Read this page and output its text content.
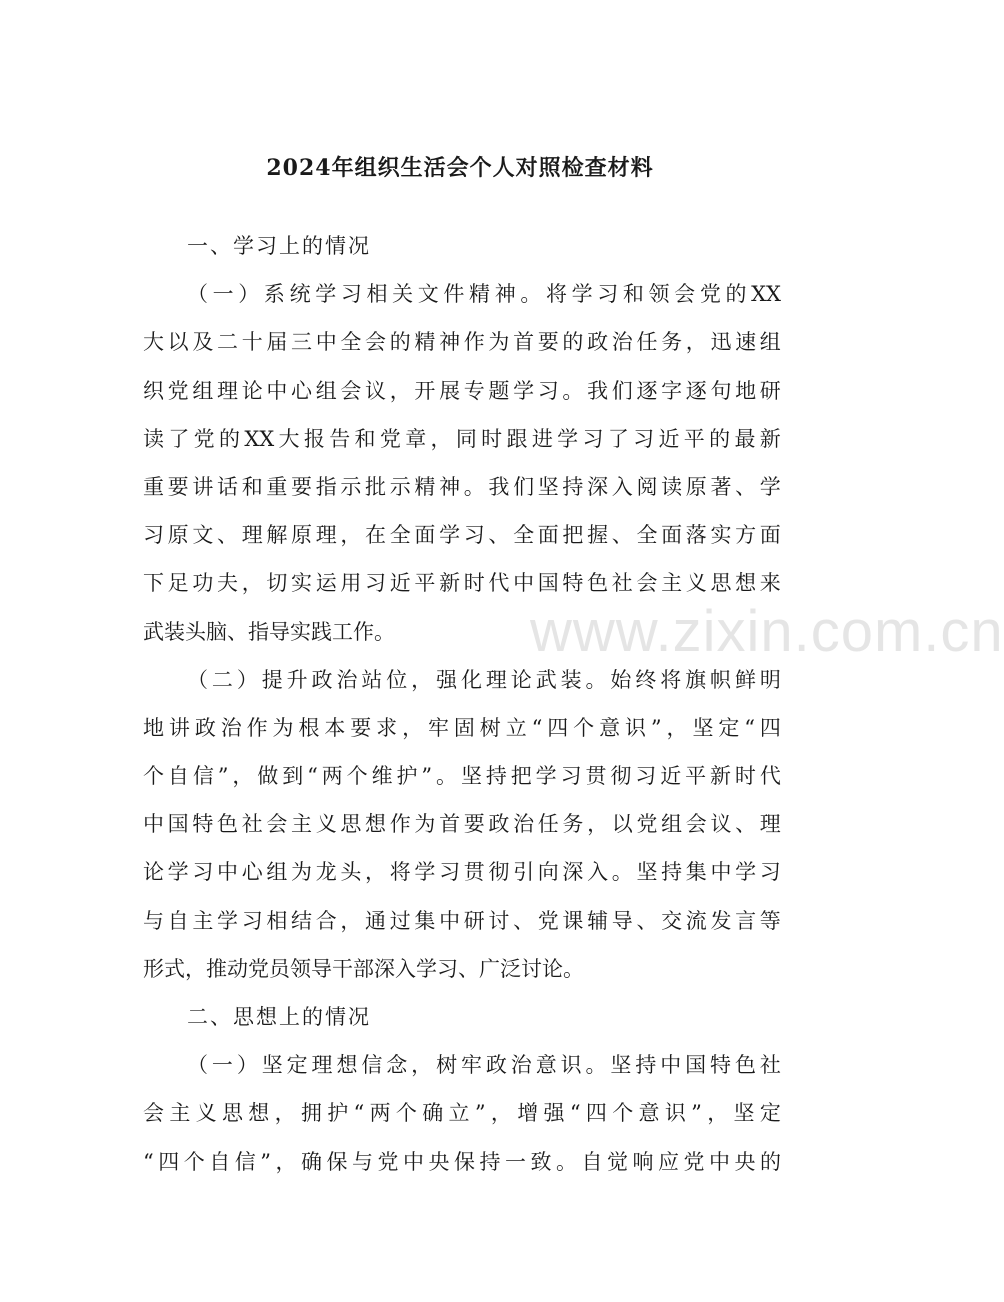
2024年组织生活会个人对照检查材料
一、学习上的情况
（ 一 ） 系 统 学 习 相 关 文 件 精 神 。 将 学 习 和 领 会 党 的 XX
大 以 及 二 十 届 三 中 全 会 的 精 神 作 为 首 要 的 政 治 任 务 ， 迅 速 组
织 党 组 理 论 中 心 组 会 议 ， 开 展 专 题 学 习 。 我 们 逐 字 逐 句 地 研
读 了 党 的 XX 大 报 告 和 党 章 ， 同 时 跟 进 学 习 了 习 近 平 的 最 新
重 要 讲 话 和 重 要 指 示 批 示 精 神 。 我 们 坚 持 深 入 阅 读 原 著 、 学
习 原 文 、 理 解 原 理 ， 在 全 面 学 习 、 全 面 把 握 、 全 面 落 实 方 面
下 足 功 夫 ， 切 实 运 用 习 近 平 新 时 代 中 国 特 色 社 会 主 义 思 想 来
武装头脑、指导实践工作。
（ 二 ） 提 升 政 治 站 位 ， 强 化 理 论 武 装 。 始 终 将 旗 帜 鲜 明
地 讲 政 治 作 为 根 本 要 求 ， 牢 固 树 立 “ 四 个 意 识 ” ， 坚 定 “ 四
个 自 信 ” ， 做 到 “ 两 个 维 护 ” 。 坚 持 把 学 习 贯 彻 习 近 平 新 时 代
中 国 特 色 社 会 主 义 思 想 作 为 首 要 政 治 任 务 ， 以 党 组 会 议 、 理
论 学 习 中 心 组 为 龙 头 ， 将 学 习 贯 彻 引 向 深 入 。 坚 持 集 中 学 习
与 自 主 学 习 相 结 合 ， 通 过 集 中 研 讨 、 党 课 辅 导 、 交 流 发 言 等
形式，推动党员领导干部深入学习、广泛讨论。
二、思想上的情况
（ 一 ） 坚 定 理 想 信 念 ， 树 牢 政 治 意 识 。 坚 持 中 国 特 色 社
会 主 义 思 想 ， 拥 护 “ 两 个 确 立 ” ， 增 强 “ 四 个 意 识 ” ， 坚 定
“ 四 个 自 信 ” ， 确 保 与 党 中 央 保 持 一 致 。 自 觉 响 应 党 中 央 的
www.zixin.com.cn
